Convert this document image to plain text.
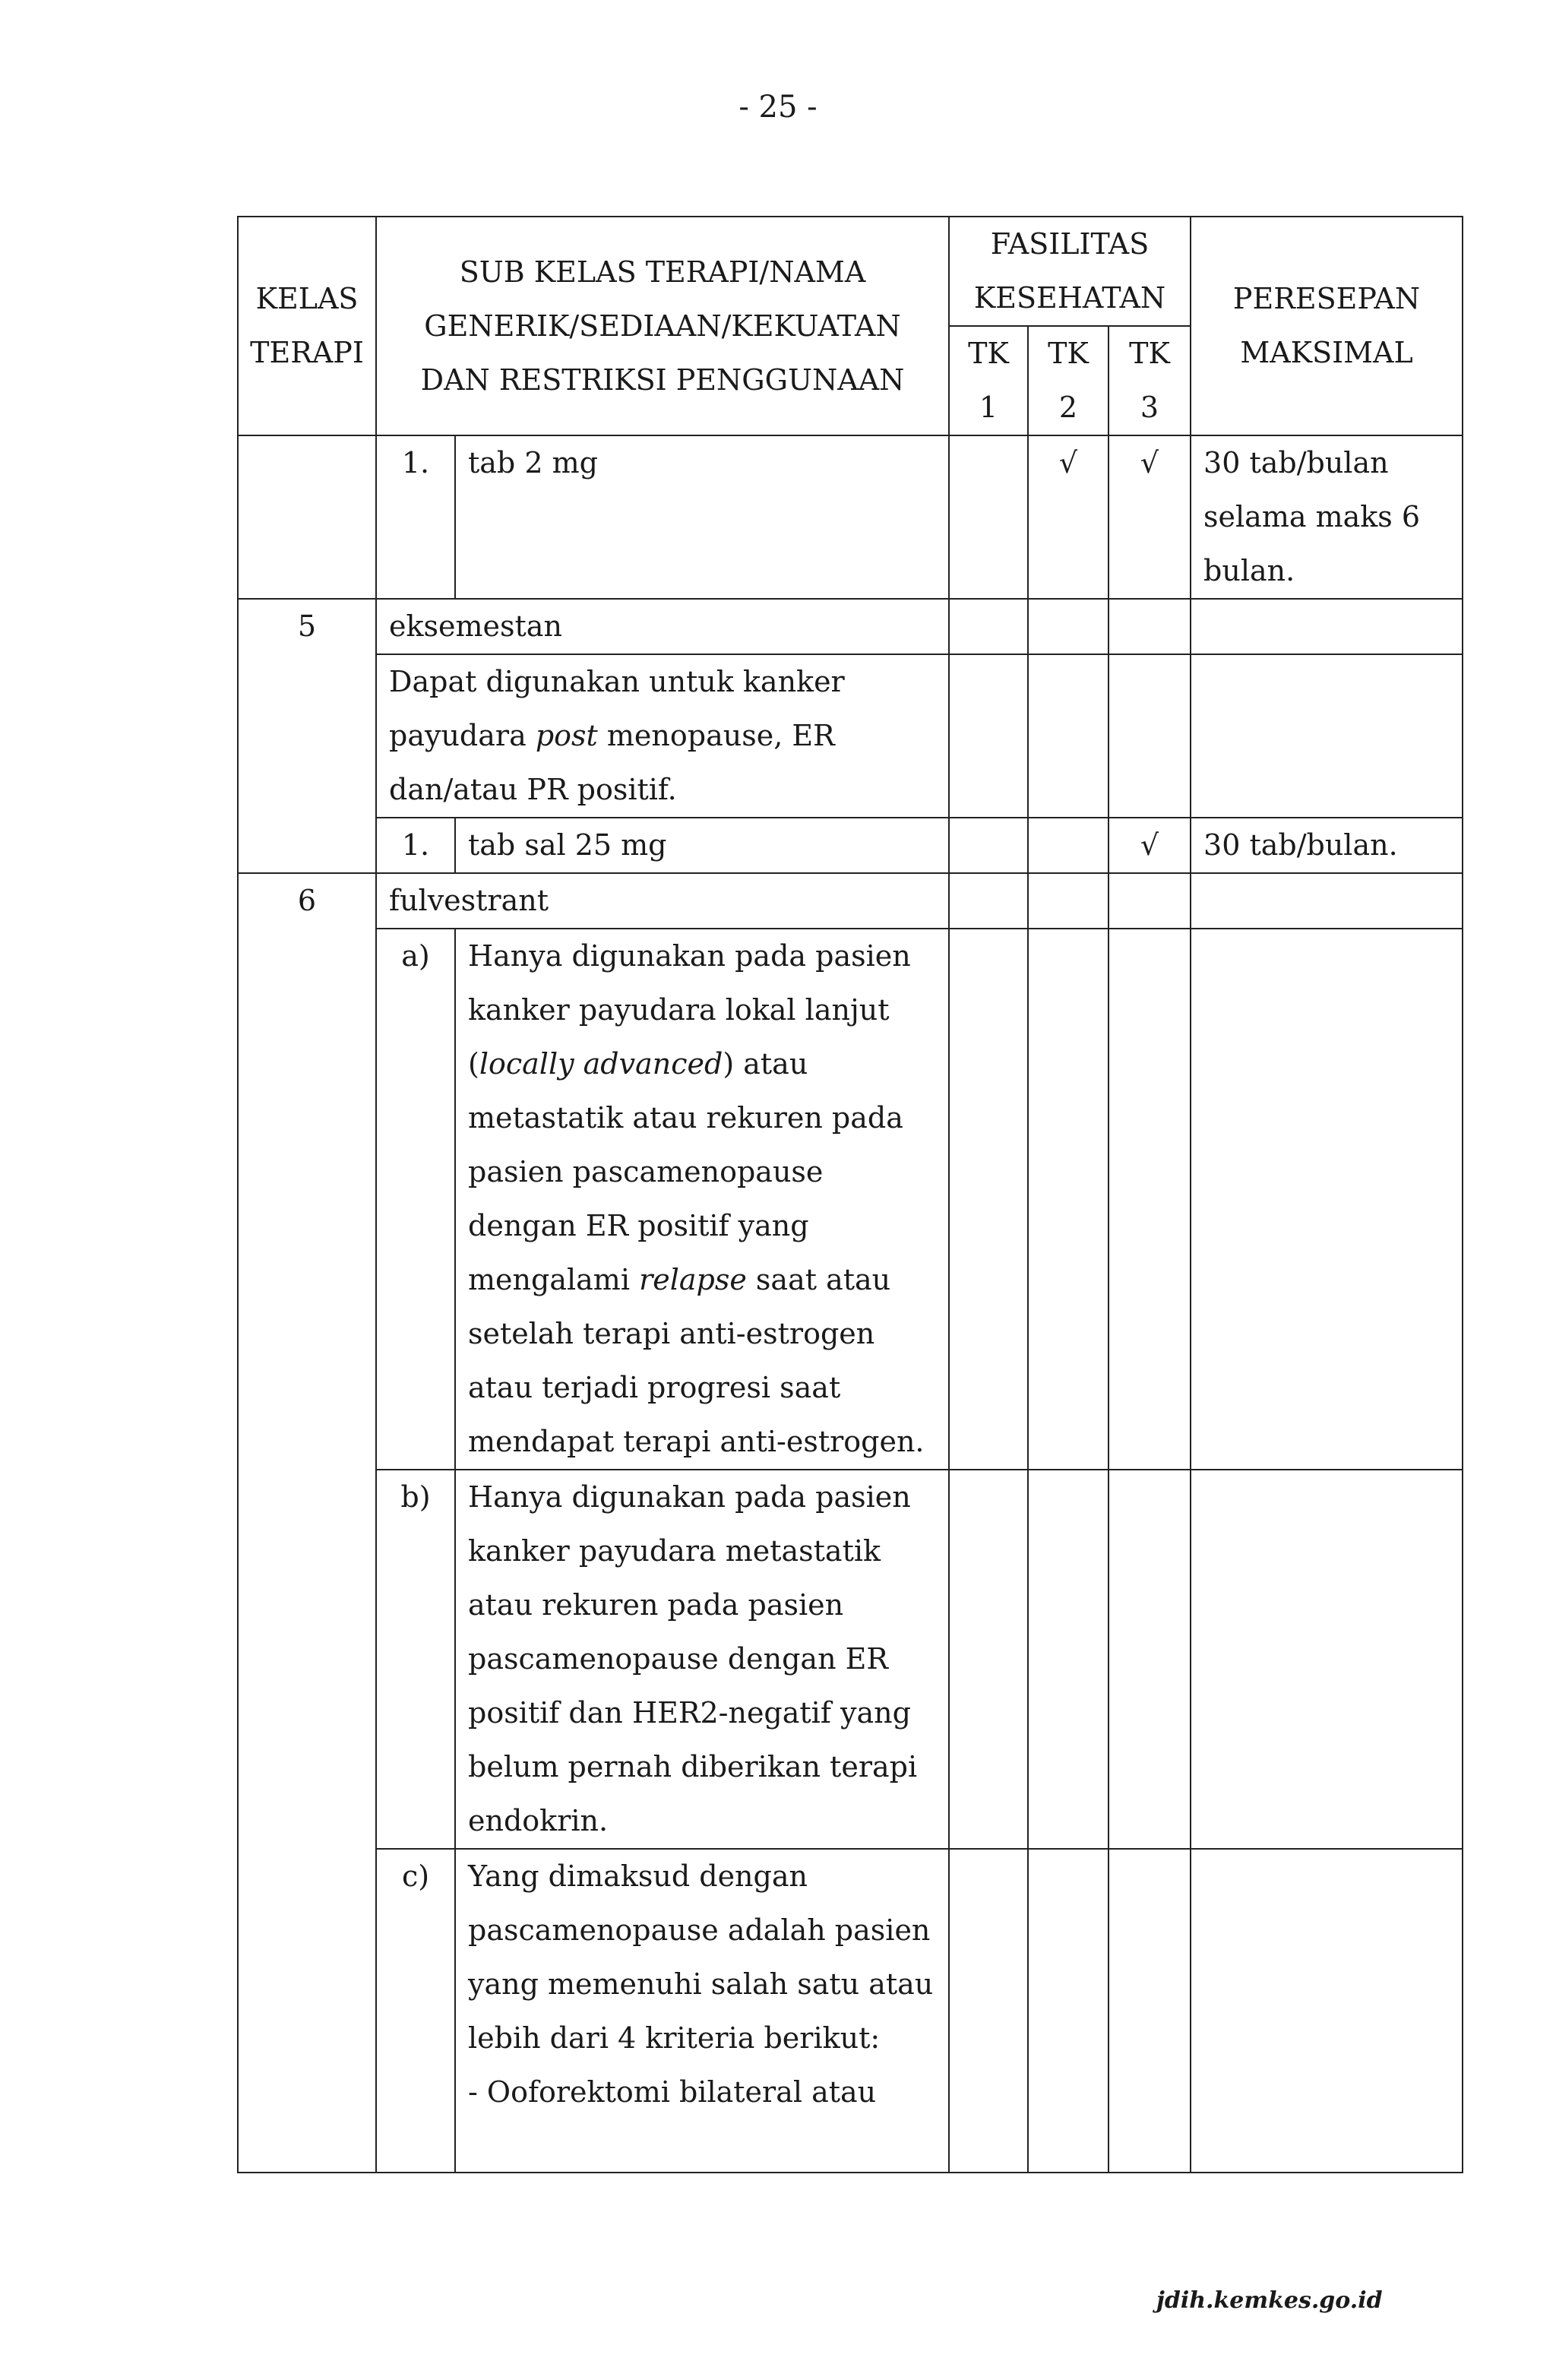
- 25 -
KELAS TERAPI	SUB KELAS TERAPI/NAMA GENERIK/SEDIAAN/KEKUATAN DAN RESTRIKSI PENGGUNAAN		FASILITAS KESEHATAN			PERESEPAN MAKSIMAL
			TK 1	TK 2	TK 3	
	1.	tab 2 mg		√	√	30 tab/bulan selama maks 6 bulan.
5	eksemestan					
	Dapat digunakan untuk kanker payudara post menopause, ER dan/atau PR positif.					
	1.	tab sal 25 mg			√	30 tab/bulan.
6	fulvestrant					
	a)	Hanya digunakan pada pasien kanker payudara lokal lanjut (locally advanced) atau metastatik atau rekuren pada pasien pascamenopause dengan ER positif yang mengalami relapse saat atau setelah terapi anti-estrogen atau terjadi progresi saat mendapat terapi anti-estrogen.				
	b)	Hanya digunakan pada pasien kanker payudara metastatik atau rekuren pada pasien pascamenopause dengan ER positif dan HER2-negatif yang belum pernah diberikan terapi endokrin.				
	c)	Yang dimaksud dengan pascamenopause adalah pasien yang memenuhi salah satu atau lebih dari 4 kriteria berikut:
- Ooforektomi bilateral atau				
jdih.kemkes.go.id
